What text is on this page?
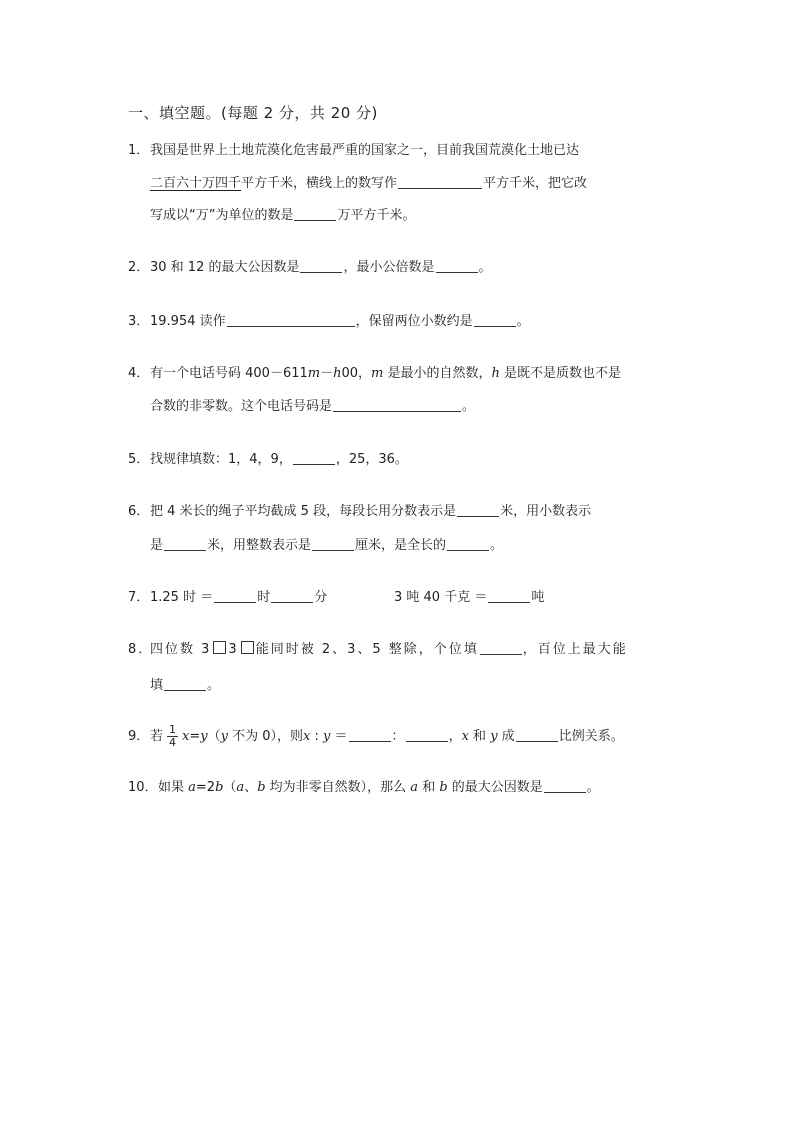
一、填空题。(每题 2 分，共 20 分)
1．我国是世界上土地荒漠化危害最严重的国家之一，目前我国荒漠化土地已达
二百六十万四千平方千米，横线上的数写作	平方千米，把它改
写成以“万”为单位的数是	万平方千米。
2．30 和 12 的最大公因数是	，最小公倍数是	。
3．19.954 读作	，保留两位小数约是	。
4．有一个电话号码 400－611m－h00，m 是最小的自然数，h 是既不是质数也不是
合数的非零数。这个电话号码是	。
5．找规律填数：1，4，9，	，25，36。
6．把 4 米长的绳子平均截成 5 段，每段长用分数表示是	米，用小数表示
是	米，用整数表示是	厘米，是全长的	。
7．1.25 时 ＝	时	分	3 吨 40 千克 ＝	吨
8．四位数 3 3 能同时被 2、3、5 整除，个位填	，百位上最大能
填	。
9．若 $\frac{1}{4} x=y(y$ 不为 0），则x : y ＝	：	，x 和 y 成	比例关系。
10．如果 a=2b（a、b 均为非零自然数），那么 a 和 b 的最大公因数是	。
